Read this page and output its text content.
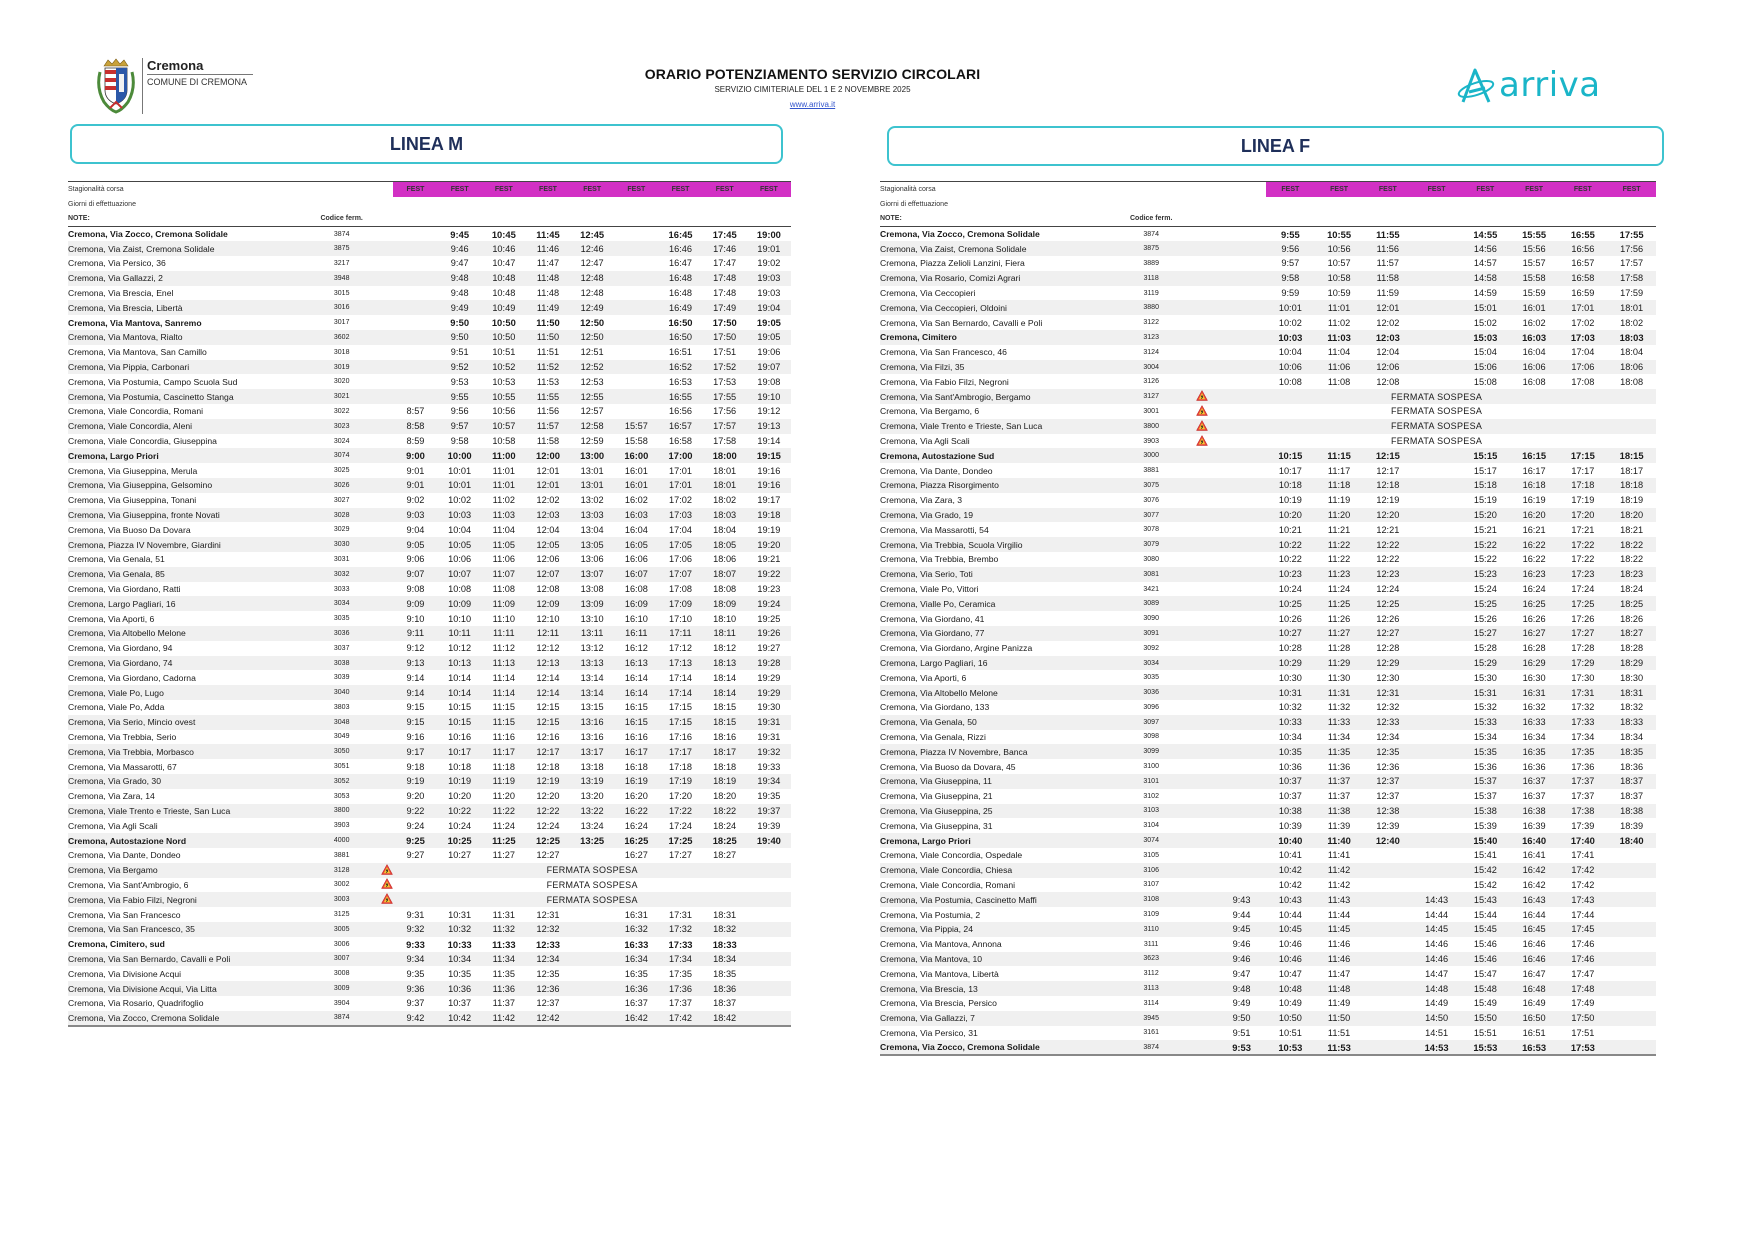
Cremona
COMUNE DI CREMONA	ORARIO POTENZIAMENTO SERVIZIO CIRCOLARI
SERVIZIO CIMITERIALE DEL 1 E 2 NOVEMBRE 2025
www.arriva.it	arriva
LINEA M	LINEA F
Stagionalità corsa			FEST	FEST	FEST	FEST	FEST	FEST	FEST	FEST	FEST
Giorni di effettuazione											
NOTE:	Codice ferm.										
Cremona, Via Zocco, Cremona Solidale	3874			9:45	10:45	11:45	12:45		16:45	17:45	19:00
Cremona, Via Zaist, Cremona Solidale	3875			9:46	10:46	11:46	12:46		16:46	17:46	19:01
Cremona, Via Persico, 36	3217			9:47	10:47	11:47	12:47		16:47	17:47	19:02
Cremona, Via Gallazzi, 2	3948			9:48	10:48	11:48	12:48		16:48	17:48	19:03
Cremona, Via Brescia, Enel	3015			9:48	10:48	11:48	12:48		16:48	17:48	19:03
Cremona, Via Brescia, Libertà	3016			9:49	10:49	11:49	12:49		16:49	17:49	19:04
Cremona, Via Mantova, Sanremo	3017			9:50	10:50	11:50	12:50		16:50	17:50	19:05
Cremona, Via Mantova, Rialto	3602			9:50	10:50	11:50	12:50		16:50	17:50	19:05
Cremona, Via Mantova, San Camillo	3018			9:51	10:51	11:51	12:51		16:51	17:51	19:06
Cremona, Via Pippia, Carbonari	3019			9:52	10:52	11:52	12:52		16:52	17:52	19:07
Cremona, Via Postumia, Campo Scuola Sud	3020			9:53	10:53	11:53	12:53		16:53	17:53	19:08
Cremona, Via Postumia, Cascinetto Stanga	3021			9:55	10:55	11:55	12:55		16:55	17:55	19:10
Cremona, Viale Concordia, Romani	3022		8:57	9:56	10:56	11:56	12:57		16:56	17:56	19:12
Cremona, Viale Concordia, Aleni	3023		8:58	9:57	10:57	11:57	12:58	15:57	16:57	17:57	19:13
Cremona, Viale Concordia, Giuseppina	3024		8:59	9:58	10:58	11:58	12:59	15:58	16:58	17:58	19:14
Cremona, Largo Priori	3074		9:00	10:00	11:00	12:00	13:00	16:00	17:00	18:00	19:15
Cremona, Via Giuseppina, Merula	3025		9:01	10:01	11:01	12:01	13:01	16:01	17:01	18:01	19:16
Cremona, Via Giuseppina, Gelsomino	3026		9:01	10:01	11:01	12:01	13:01	16:01	17:01	18:01	19:16
Cremona, Via Giuseppina, Tonani	3027		9:02	10:02	11:02	12:02	13:02	16:02	17:02	18:02	19:17
Cremona, Via Giuseppina, fronte Novati	3028		9:03	10:03	11:03	12:03	13:03	16:03	17:03	18:03	19:18
Cremona, Via Buoso Da Dovara	3029		9:04	10:04	11:04	12:04	13:04	16:04	17:04	18:04	19:19
Cremona, Piazza IV Novembre, Giardini	3030		9:05	10:05	11:05	12:05	13:05	16:05	17:05	18:05	19:20
Cremona, Via Genala, 51	3031		9:06	10:06	11:06	12:06	13:06	16:06	17:06	18:06	19:21
Cremona, Via Genala, 85	3032		9:07	10:07	11:07	12:07	13:07	16:07	17:07	18:07	19:22
Cremona, Via Giordano, Ratti	3033		9:08	10:08	11:08	12:08	13:08	16:08	17:08	18:08	19:23
Cremona, Largo Pagliari, 16	3034		9:09	10:09	11:09	12:09	13:09	16:09	17:09	18:09	19:24
Cremona, Via Aporti, 6	3035		9:10	10:10	11:10	12:10	13:10	16:10	17:10	18:10	19:25
Cremona, Via Altobello Melone	3036		9:11	10:11	11:11	12:11	13:11	16:11	17:11	18:11	19:26
Cremona, Via Giordano, 94	3037		9:12	10:12	11:12	12:12	13:12	16:12	17:12	18:12	19:27
Cremona, Via Giordano, 74	3038		9:13	10:13	11:13	12:13	13:13	16:13	17:13	18:13	19:28
Cremona, Via Giordano, Cadorna	3039		9:14	10:14	11:14	12:14	13:14	16:14	17:14	18:14	19:29
Cremona, Viale Po, Lugo	3040		9:14	10:14	11:14	12:14	13:14	16:14	17:14	18:14	19:29
Cremona, Viale Po, Adda	3803		9:15	10:15	11:15	12:15	13:15	16:15	17:15	18:15	19:30
Cremona, Via Serio, Mincio ovest	3048		9:15	10:15	11:15	12:15	13:16	16:15	17:15	18:15	19:31
Cremona, Via Trebbia, Serio	3049		9:16	10:16	11:16	12:16	13:16	16:16	17:16	18:16	19:31
Cremona, Via Trebbia, Morbasco	3050		9:17	10:17	11:17	12:17	13:17	16:17	17:17	18:17	19:32
Cremona, Via Massarotti, 67	3051		9:18	10:18	11:18	12:18	13:18	16:18	17:18	18:18	19:33
Cremona, Via Grado, 30	3052		9:19	10:19	11:19	12:19	13:19	16:19	17:19	18:19	19:34
Cremona, Via Zara, 14	3053		9:20	10:20	11:20	12:20	13:20	16:20	17:20	18:20	19:35
Cremona, Viale Trento e Trieste, San Luca	3800		9:22	10:22	11:22	12:22	13:22	16:22	17:22	18:22	19:37
Cremona, Via Agli Scali	3903		9:24	10:24	11:24	12:24	13:24	16:24	17:24	18:24	19:39
Cremona, Autostazione Nord	4000		9:25	10:25	11:25	12:25	13:25	16:25	17:25	18:25	19:40
Cremona, Via Dante, Dondeo	3881		9:27	10:27	11:27	12:27		16:27	17:27	18:27	
Cremona, Via Bergamo	3128		FERMATA SOSPESA								
Cremona, Via Sant'Ambrogio, 6	3002		FERMATA SOSPESA								
Cremona, Via Fabio Filzi, Negroni	3003		FERMATA SOSPESA								
Cremona, Via San Francesco	3125		9:31	10:31	11:31	12:31		16:31	17:31	18:31	
Cremona, Via San Francesco, 35	3005		9:32	10:32	11:32	12:32		16:32	17:32	18:32	
Cremona, Cimitero, sud	3006		9:33	10:33	11:33	12:33		16:33	17:33	18:33	
Cremona, Via San Bernardo, Cavalli e Poli	3007		9:34	10:34	11:34	12:34		16:34	17:34	18:34	
Cremona, Via Divisione Acqui	3008		9:35	10:35	11:35	12:35		16:35	17:35	18:35	
Cremona, Via Divisione Acqui, Via Litta	3009		9:36	10:36	11:36	12:36		16:36	17:36	18:36	
Cremona, Via Rosario, Quadrifoglio	3904		9:37	10:37	11:37	12:37		16:37	17:37	18:37	
Cremona, Via Zocco, Cremona Solidale	3874		9:42	10:42	11:42	12:42		16:42	17:42	18:42	
Stagionalità corsa				FEST	FEST	FEST	FEST	FEST	FEST	FEST	FEST
Giorni di effettuazione											
NOTE:	Codice ferm.										
Cremona, Via Zocco, Cremona Solidale	3874			9:55	10:55	11:55		14:55	15:55	16:55	17:55
Cremona, Via Zaist, Cremona Solidale	3875			9:56	10:56	11:56		14:56	15:56	16:56	17:56
Cremona, Piazza Zelioli Lanzini, Fiera	3889			9:57	10:57	11:57		14:57	15:57	16:57	17:57
Cremona, Via Rosario, Comizi Agrari	3118			9:58	10:58	11:58		14:58	15:58	16:58	17:58
Cremona, Via Ceccopieri	3119			9:59	10:59	11:59		14:59	15:59	16:59	17:59
Cremona, Via Ceccopieri, Oldoini	3880			10:01	11:01	12:01		15:01	16:01	17:01	18:01
Cremona, Via San Bernardo, Cavalli e Poli	3122			10:02	11:02	12:02		15:02	16:02	17:02	18:02
Cremona, Cimitero	3123			10:03	11:03	12:03		15:03	16:03	17:03	18:03
Cremona, Via San Francesco, 46	3124			10:04	11:04	12:04		15:04	16:04	17:04	18:04
Cremona, Via Filzi, 35	3004			10:06	11:06	12:06		15:06	16:06	17:06	18:06
Cremona, Via Fabio Filzi, Negroni	3126			10:08	11:08	12:08		15:08	16:08	17:08	18:08
Cremona, Via Sant'Ambrogio, Bergamo	3127		FERMATA SOSPESA								
Cremona, Via Bergamo, 6	3001		FERMATA SOSPESA								
Cremona, Viale Trento e Trieste, San Luca	3800		FERMATA SOSPESA								
Cremona, Via Agli Scali	3903		FERMATA SOSPESA								
Cremona, Autostazione Sud	3000			10:15	11:15	12:15		15:15	16:15	17:15	18:15
Cremona, Via Dante, Dondeo	3881			10:17	11:17	12:17		15:17	16:17	17:17	18:17
Cremona, Piazza Risorgimento	3075			10:18	11:18	12:18		15:18	16:18	17:18	18:18
Cremona, Via Zara, 3	3076			10:19	11:19	12:19		15:19	16:19	17:19	18:19
Cremona, Via Grado, 19	3077			10:20	11:20	12:20		15:20	16:20	17:20	18:20
Cremona, Via Massarotti, 54	3078			10:21	11:21	12:21		15:21	16:21	17:21	18:21
Cremona, Via Trebbia, Scuola Virgilio	3079			10:22	11:22	12:22		15:22	16:22	17:22	18:22
Cremona, Via Trebbia, Brembo	3080			10:22	11:22	12:22		15:22	16:22	17:22	18:22
Cremona, Via Serio, Toti	3081			10:23	11:23	12:23		15:23	16:23	17:23	18:23
Cremona, Viale Po, Vittori	3421			10:24	11:24	12:24		15:24	16:24	17:24	18:24
Cremona, Vialle Po, Ceramica	3089			10:25	11:25	12:25		15:25	16:25	17:25	18:25
Cremona, Via Giordano, 41	3090			10:26	11:26	12:26		15:26	16:26	17:26	18:26
Cremona, Via Giordano, 77	3091			10:27	11:27	12:27		15:27	16:27	17:27	18:27
Cremona, Via Giordano, Argine Panizza	3092			10:28	11:28	12:28		15:28	16:28	17:28	18:28
Cremona, Largo Pagliari, 16	3034			10:29	11:29	12:29		15:29	16:29	17:29	18:29
Cremona, Via Aporti, 6	3035			10:30	11:30	12:30		15:30	16:30	17:30	18:30
Cremona, Via Altobello Melone	3036			10:31	11:31	12:31		15:31	16:31	17:31	18:31
Cremona, Via Giordano, 133	3096			10:32	11:32	12:32		15:32	16:32	17:32	18:32
Cremona, Via Genala, 50	3097			10:33	11:33	12:33		15:33	16:33	17:33	18:33
Cremona, Via Genala, Rizzi	3098			10:34	11:34	12:34		15:34	16:34	17:34	18:34
Cremona, Piazza IV Novembre, Banca	3099			10:35	11:35	12:35		15:35	16:35	17:35	18:35
Cremona, Via Buoso da Dovara, 45	3100			10:36	11:36	12:36		15:36	16:36	17:36	18:36
Cremona, Via Giuseppina, 11	3101			10:37	11:37	12:37		15:37	16:37	17:37	18:37
Cremona, Via Giuseppina, 21	3102			10:37	11:37	12:37		15:37	16:37	17:37	18:37
Cremona, Via Giuseppina, 25	3103			10:38	11:38	12:38		15:38	16:38	17:38	18:38
Cremona, Via Giuseppina, 31	3104			10:39	11:39	12:39		15:39	16:39	17:39	18:39
Cremona, Largo Priori	3074			10:40	11:40	12:40		15:40	16:40	17:40	18:40
Cremona, Viale Concordia, Ospedale	3105			10:41	11:41			15:41	16:41	17:41	
Cremona, Viale Concordia, Chiesa	3106			10:42	11:42			15:42	16:42	17:42	
Cremona, Viale Concordia, Romani	3107			10:42	11:42			15:42	16:42	17:42	
Cremona, Via Postumia, Cascinetto Maffi	3108		9:43	10:43	11:43		14:43	15:43	16:43	17:43	
Cremona, Via Postumia, 2	3109		9:44	10:44	11:44		14:44	15:44	16:44	17:44	
Cremona, Via Pippia, 24	3110		9:45	10:45	11:45		14:45	15:45	16:45	17:45	
Cremona, Via Mantova, Annona	3111		9:46	10:46	11:46		14:46	15:46	16:46	17:46	
Cremona, Via Mantova, 10	3623		9:46	10:46	11:46		14:46	15:46	16:46	17:46	
Cremona, Via Mantova, Libertà	3112		9:47	10:47	11:47		14:47	15:47	16:47	17:47	
Cremona, Via Brescia, 13	3113		9:48	10:48	11:48		14:48	15:48	16:48	17:48	
Cremona, Via Brescia, Persico	3114		9:49	10:49	11:49		14:49	15:49	16:49	17:49	
Cremona, Via Gallazzi, 7	3945		9:50	10:50	11:50		14:50	15:50	16:50	17:50	
Cremona, Via Persico, 31	3161		9:51	10:51	11:51		14:51	15:51	16:51	17:51	
Cremona, Via Zocco, Cremona Solidale	3874		9:53	10:53	11:53		14:53	15:53	16:53	17:53	
